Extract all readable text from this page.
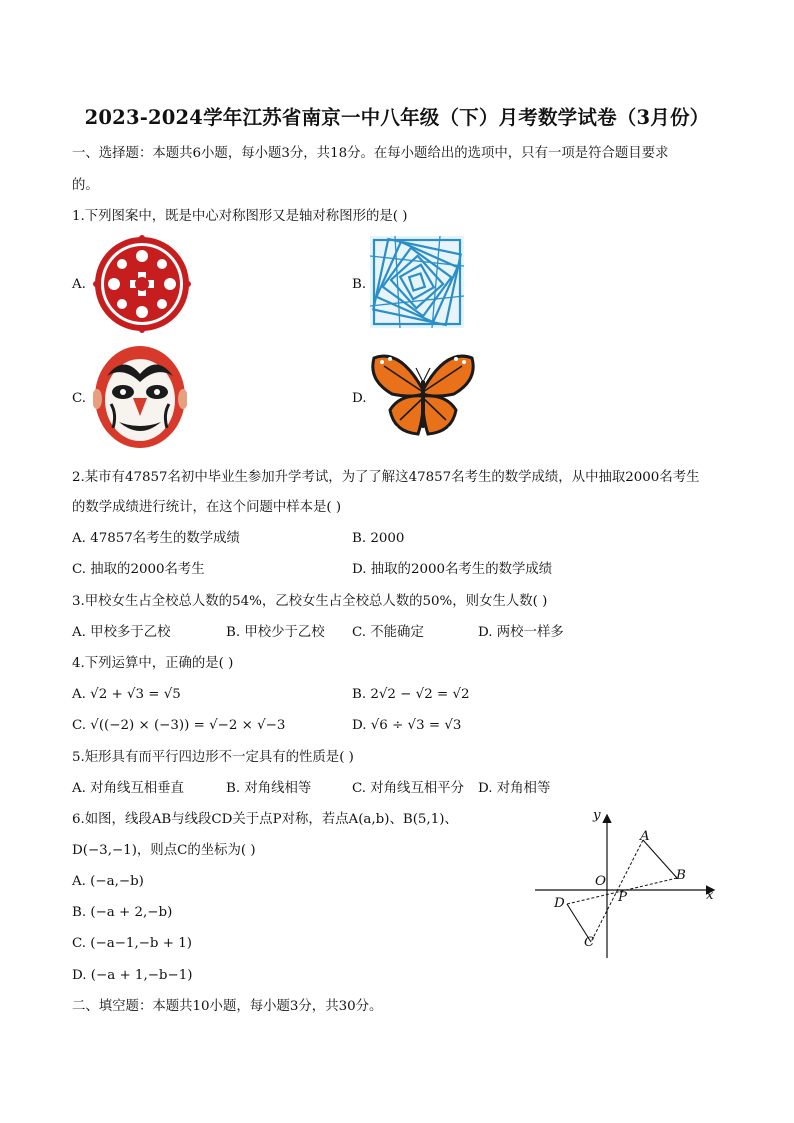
2023-2024学年江苏省南京一中八年级（下）月考数学试卷（3月份）
一、选择题：本题共6小题，每小题3分，共18分。在每小题给出的选项中，只有一项是符合题目要求
的。
1.下列图案中，既是中心对称图形又是轴对称图形的是( )
A.	B.
C.	D.
2.某市有47857名初中毕业生参加升学考试，为了了解这47857名考生的数学成绩，从中抽取2000名考生
的数学成绩进行统计，在这个问题中样本是( )
A. 47857名考生的数学成绩	B. 2000
C. 抽取的2000名考生	D. 抽取的2000名考生的数学成绩
3.甲校女生占全校总人数的54%，乙校女生占全校总人数的50%，则女生人数( )
A. 甲校多于乙校	B. 甲校少于乙校 C. 不能确定	D. 两校一样多
4.下列运算中，正确的是( )
A. √2 + √3 = √5	B. 2√2 − √2 = √2
C. √((−2) × (−3)) = √−2 × √−3	D. √6 ÷ √3 = √3
5.矩形具有而平行四边形不一定具有的性质是( )
A. 对角线互相垂直	B. 对角线相等	C. 对角线互相平分 D. 对角相等
6.如图，线段AB与线段CD关于点P对称，若点A(a,b)、B(5,1)、
D(−3,−1)，则点C的坐标为( )
A. (−a,−b)
B. (−a + 2,−b)
C. (−a−1,−b + 1)
D. (−a + 1,−b−1)
y
x
A
B
C
D
O
P
二、填空题：本题共10小题，每小题3分，共30分。
